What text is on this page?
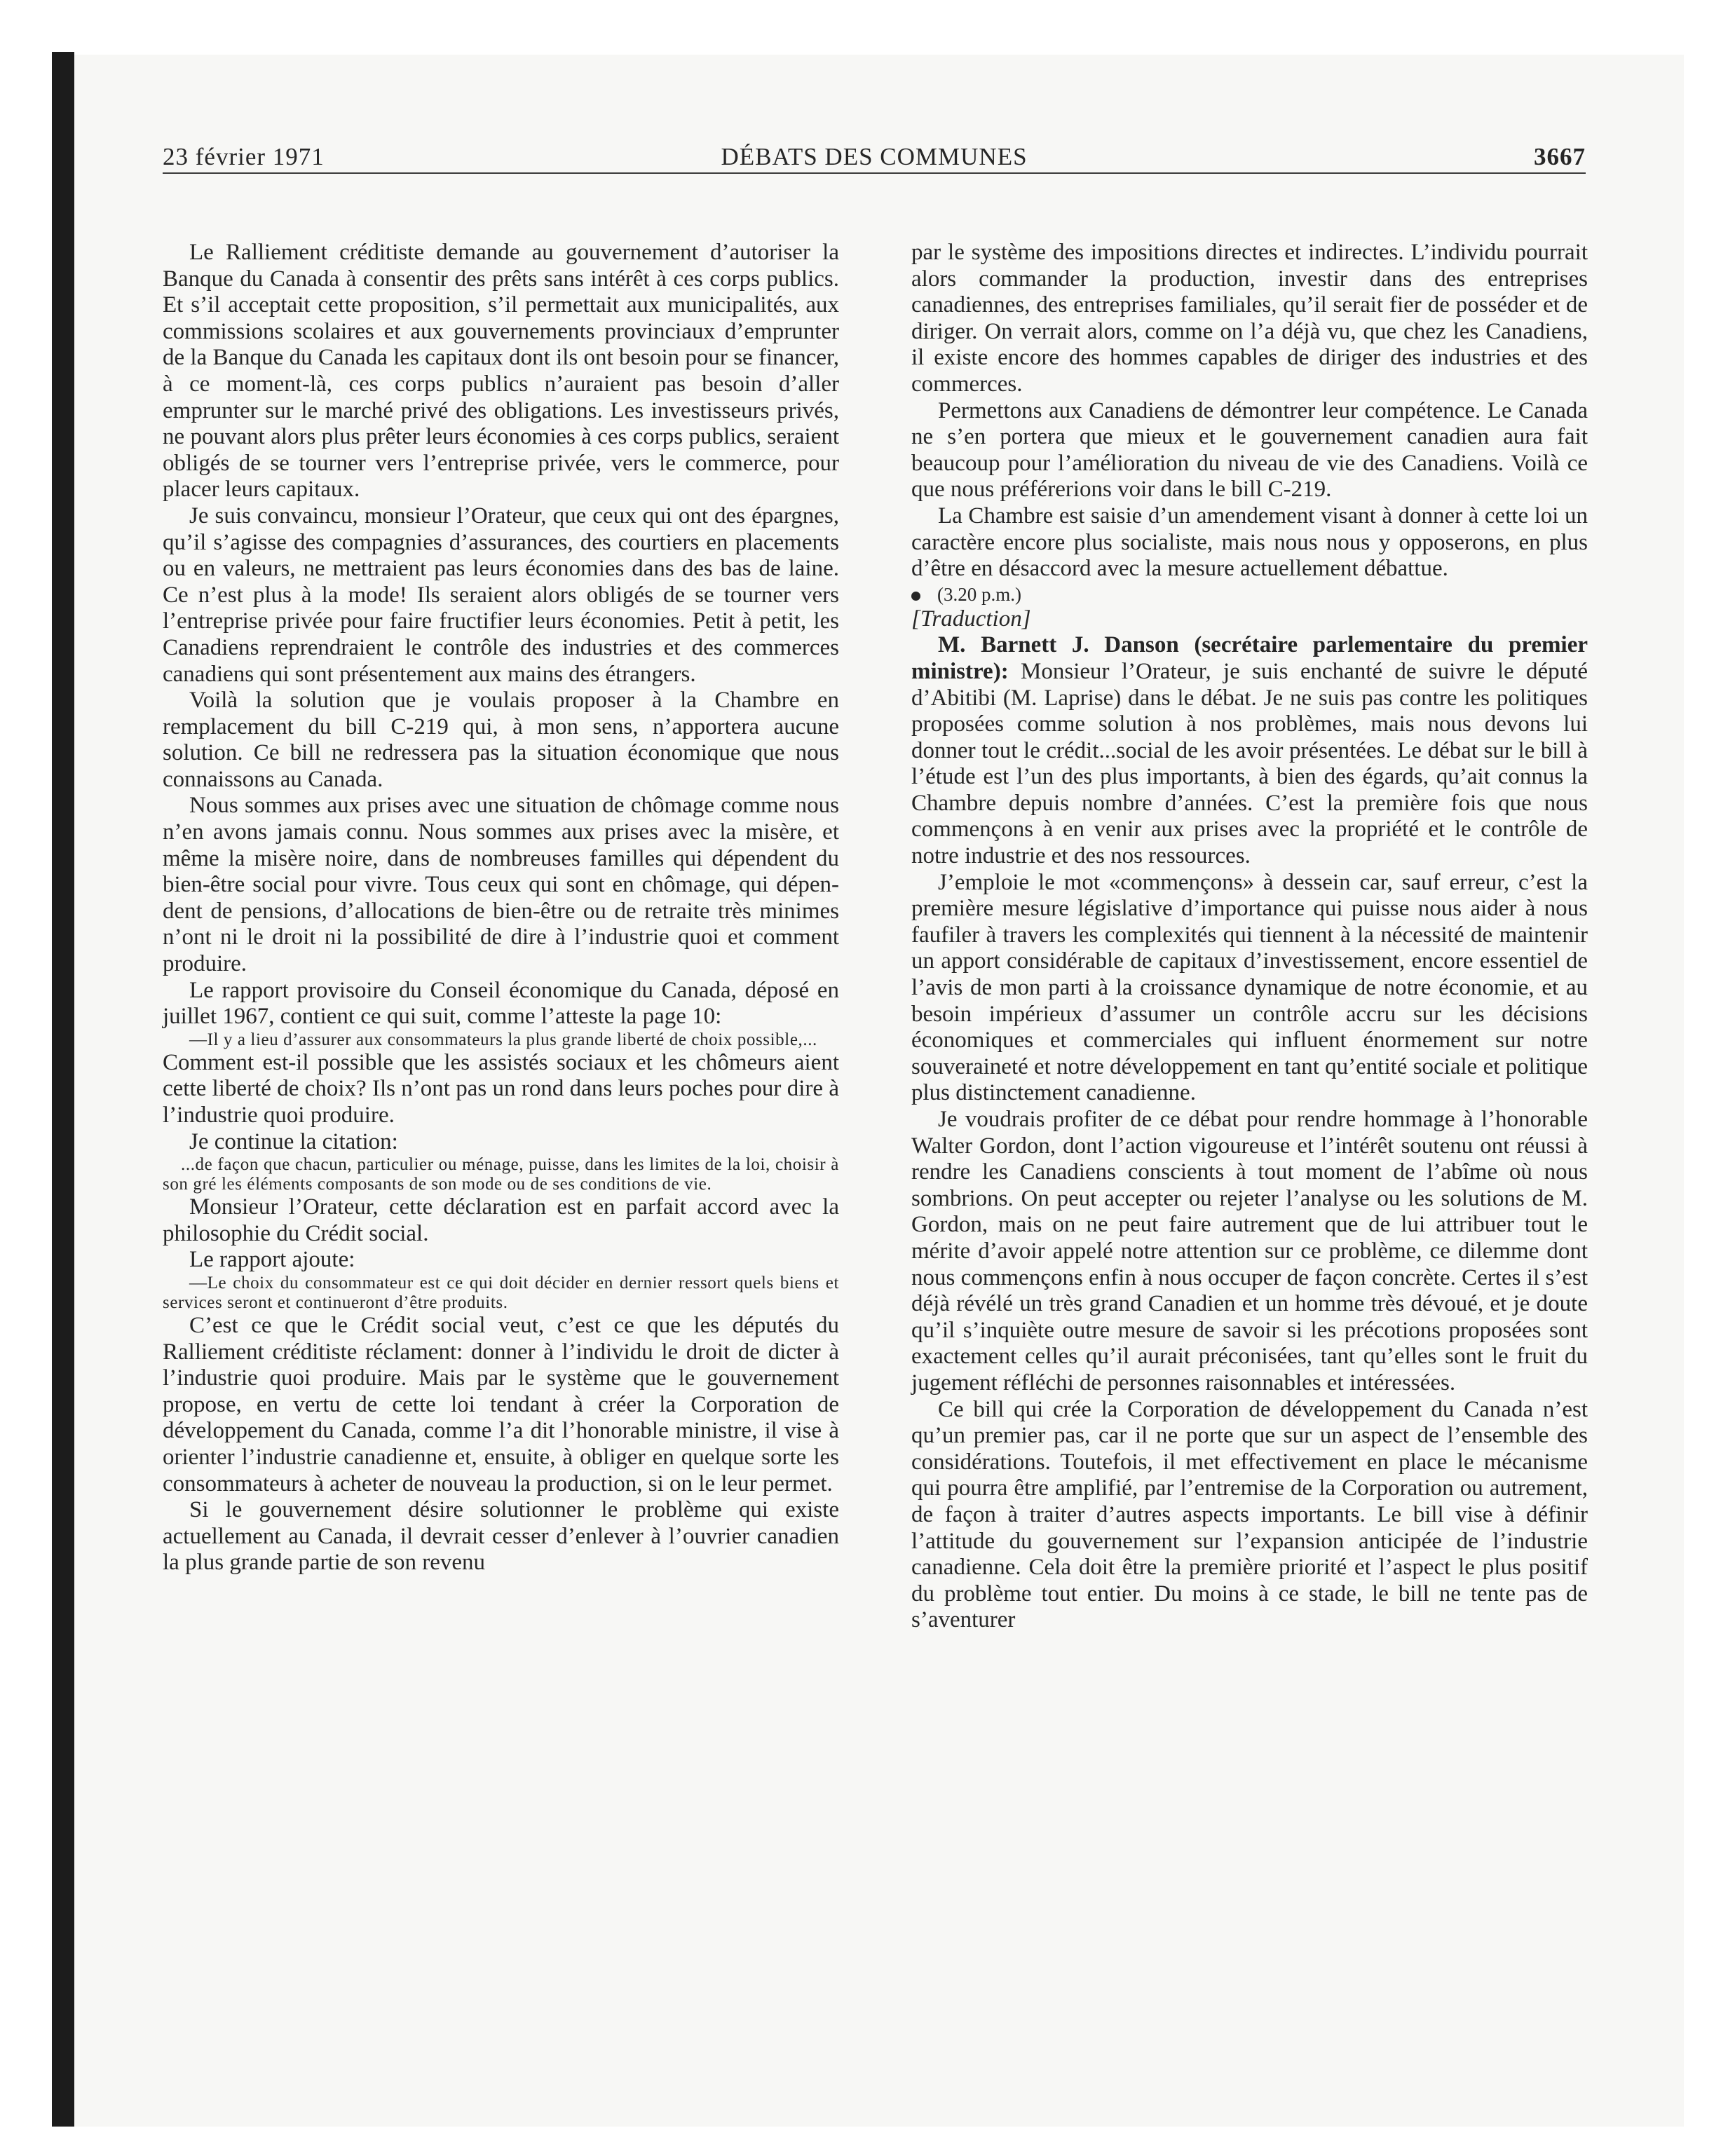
23 février 1971	DÉBATS DES COMMUNES	3667

Le Ralliement créditiste demande au gouvernement d’autoriser la Banque du Canada à consentir des prêts sans intérêt à ces corps publics. Et s’il acceptait cette proposition, s’il permettait aux municipalités, aux commissions scolaires et aux gouvernements provinciaux d’emprunter de la Banque du Canada les capitaux dont ils ont besoin pour se financer, à ce moment-là, ces corps publics n’auraient pas besoin d’aller emprunter sur le marché privé des obligations. Les investisseurs privés, ne pouvant alors plus prêter leurs économies à ces corps publics, seraient obligés de se tourner vers l’entreprise privée, vers le commerce, pour placer leurs capitaux.

Je suis convaincu, monsieur l’Orateur, que ceux qui ont des épargnes, qu’il s’agisse des compagnies d’assurances, des courtiers en placements ou en valeurs, ne mettraient pas leurs économies dans des bas de laine. Ce n’est plus à la mode! Ils seraient alors obligés de se tourner vers l’entreprise privée pour faire fructifier leurs économies. Petit à petit, les Canadiens reprendraient le contrôle des industries et des commerces canadiens qui sont présentement aux mains des étrangers.

Voilà la solution que je voulais proposer à la Chambre en remplacement du bill C-219 qui, à mon sens, n’apportera aucune solution. Ce bill ne redressera pas la situation économique que nous connaissons au Canada.

Nous sommes aux prises avec une situation de chômage comme nous n’en avons jamais connu. Nous sommes aux prises avec la misère, et même la misère noire, dans de nombreuses familles qui dépendent du bien-être social pour vivre. Tous ceux qui sont en chômage, qui dépendent de pensions, d’allocations de bien-être ou de retraite très minimes n’ont ni le droit ni la possibilité de dire à l’industrie quoi et comment produire.

Le rapport provisoire du Conseil économique du Canada, déposé en juillet 1967, contient ce qui suit, comme l’atteste la page 10:

—Il y a lieu d’assurer aux consommateurs la plus grande liberté de choix possible,...

Comment est-il possible que les assistés sociaux et les chômeurs aient cette liberté de choix? Ils n’ont pas un rond dans leurs poches pour dire à l’industrie quoi produire.

Je continue la citation:

...de façon que chacun, particulier ou ménage, puisse, dans les limites de la loi, choisir à son gré les éléments composants de son mode ou de ses conditions de vie.

Monsieur l’Orateur, cette déclaration est en parfait accord avec la philosophie du Crédit social.

Le rapport ajoute:

—Le choix du consommateur est ce qui doit décider en dernier ressort quels biens et services seront et continueront d’être produits.

C’est ce que le Crédit social veut, c’est ce que les députés du Ralliement créditiste réclament: donner à l’individu le droit de dicter à l’industrie quoi produire. Mais par le système que le gouvernement propose, en vertu de cette loi tendant à créer la Corporation de développement du Canada, comme l’a dit l’honorable ministre, il vise à orienter l’industrie canadienne et, ensuite, à obliger en quelque sorte les consommateurs à acheter de nouveau la production, si on le leur permet.

Si le gouvernement désire solutionner le problème qui existe actuellement au Canada, il devrait cesser d’enlever à l’ouvrier canadien la plus grande partie de son revenu

par le système des impositions directes et indirectes. L’individu pourrait alors commander la production, investir dans des entreprises canadiennes, des entreprises familiales, qu’il serait fier de posséder et de diriger. On verrait alors, comme on l’a déjà vu, que chez les Canadiens, il existe encore des hommes capables de diriger des industries et des commerces.

Permettons aux Canadiens de démontrer leur compétence. Le Canada ne s’en portera que mieux et le gouvernement canadien aura fait beaucoup pour l’amélioration du niveau de vie des Canadiens. Voilà ce que nous préférerions voir dans le bill C-219.

La Chambre est saisie d’un amendement visant à donner à cette loi un caractère encore plus socialiste, mais nous nous y opposerons, en plus d’être en désaccord avec la mesure actuellement débattue.

(3.20 p.m.)

[Traduction]

M. Barnett J. Danson (secrétaire parlementaire du premier ministre): Monsieur l’Orateur, je suis enchanté de suivre le député d’Abitibi (M. Laprise) dans le débat. Je ne suis pas contre les politiques proposées comme solution à nos problèmes, mais nous devons lui donner tout le crédit...social de les avoir présentées. Le débat sur le bill à l’étude est l’un des plus importants, à bien des égards, qu’ait connus la Chambre depuis nombre d’années. C’est la première fois que nous commençons à en venir aux prises avec la propriété et le contrôle de notre industrie et des nos ressources.

J’emploie le mot «commençons» à dessein car, sauf erreur, c’est la première mesure législative d’importance qui puisse nous aider à nous faufiler à travers les complexités qui tiennent à la nécessité de maintenir un apport considérable de capitaux d’investissement, encore essentiel de l’avis de mon parti à la croissance dynamique de notre économie, et au besoin impérieux d’assumer un contrôle accru sur les décisions économiques et commerciales qui influent énormement sur notre souveraineté et notre développement en tant qu’entité sociale et politique plus distinctement canadienne.

Je voudrais profiter de ce débat pour rendre hommage à l’honorable Walter Gordon, dont l’action vigoureuse et l’intérêt soutenu ont réussi à rendre les Canadiens conscients à tout moment de l’abîme où nous sombrions. On peut accepter ou rejeter l’analyse ou les solutions de M. Gordon, mais on ne peut faire autrement que de lui attribuer tout le mérite d’avoir appelé notre attention sur ce problème, ce dilemme dont nous commençons enfin à nous occuper de façon concrète. Certes il s’est déjà révélé un très grand Canadien et un homme très dévoué, et je doute qu’il s’inquiète outre mesure de savoir si les précotions proposées sont exactement celles qu’il aurait préconisées, tant qu’elles sont le fruit du jugement réfléchi de personnes raisonnables et intéressées.

Ce bill qui crée la Corporation de développement du Canada n’est qu’un premier pas, car il ne porte que sur un aspect de l’ensemble des considérations. Toutefois, il met effectivement en place le mécanisme qui pourra être amplifié, par l’entremise de la Corporation ou autrement, de façon à traiter d’autres aspects importants. Le bill vise à définir l’attitude du gouvernement sur l’expansion anticipée de l’industrie canadienne. Cela doit être la première priorité et l’aspect le plus positif du problème tout entier. Du moins à ce stade, le bill ne tente pas de s’aventurer
